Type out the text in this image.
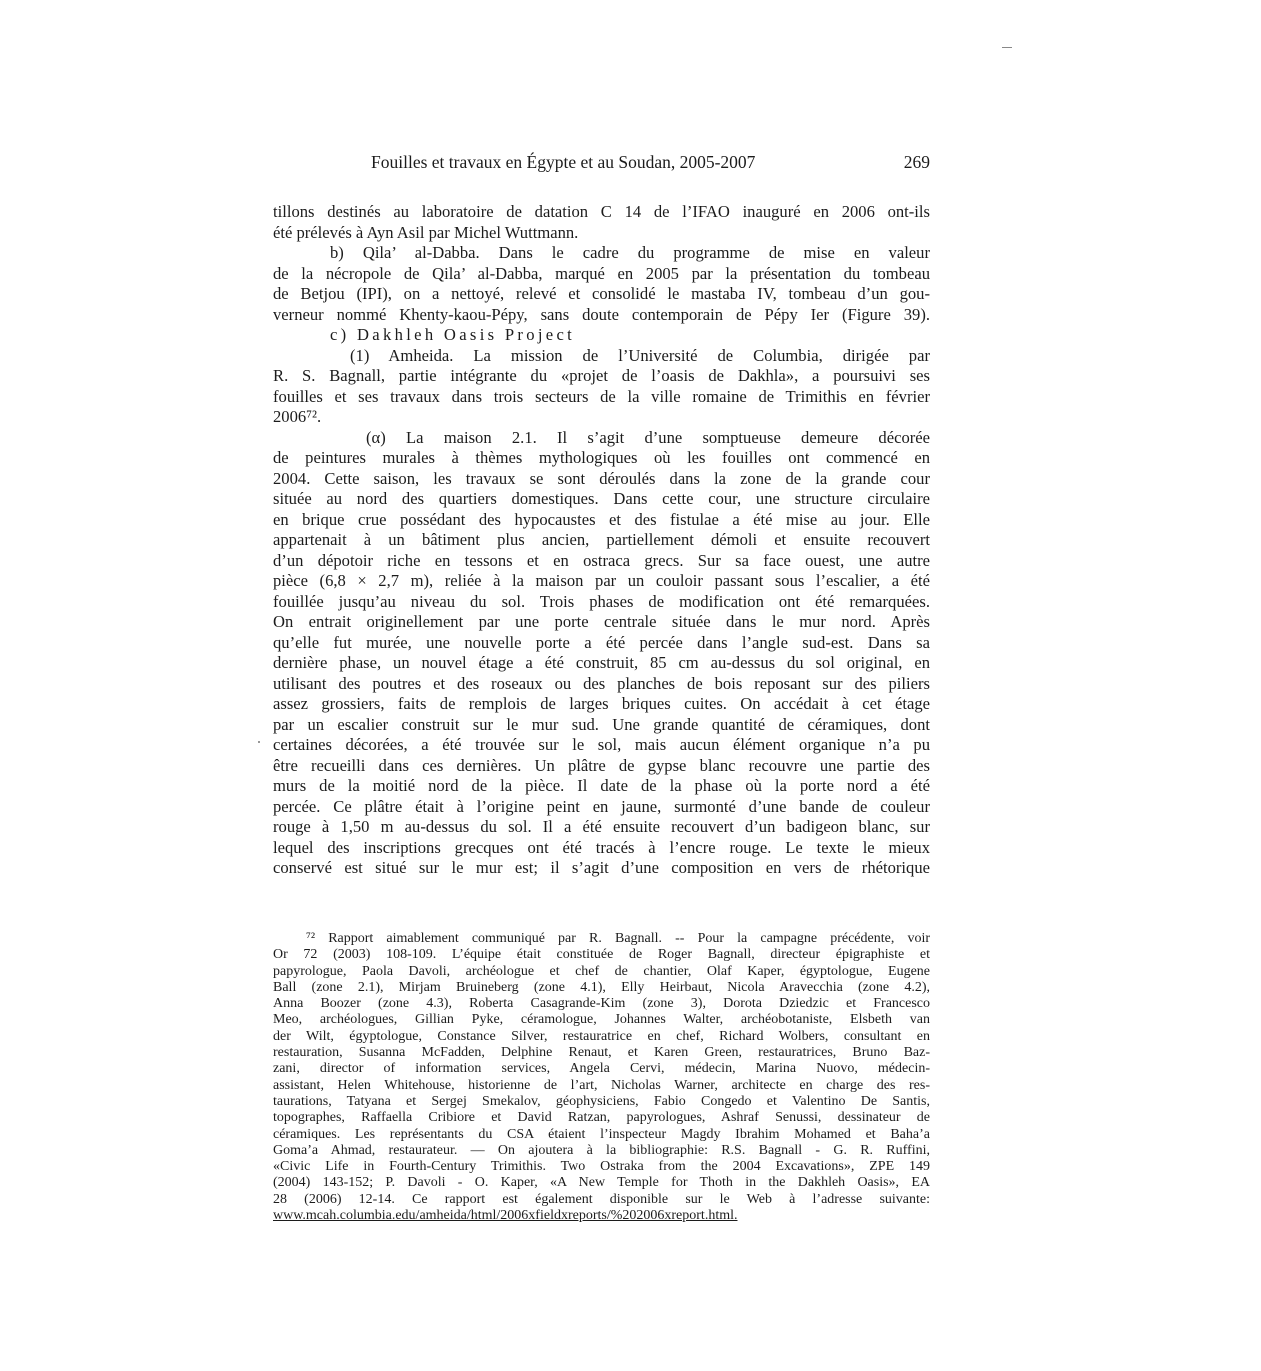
Fouilles et travaux en Égypte et au Soudan, 2005-2007	269
tillons destinés au laboratoire de datation C 14 de l’IFAO inauguré en 2006 ont-ils
été prélevés à Ayn Asil par Michel Wuttmann.
b) Qila’ al-Dabba. Dans le cadre du programme de mise en valeur
de la nécropole de Qila’ al-Dabba, marqué en 2005 par la présentation du tombeau
de Betjou (IPI), on a nettoyé, relevé et consolidé le mastaba IV, tombeau d’un gou-
verneur nommé Khenty-kaou-Pépy, sans doute contemporain de Pépy Ier (Figure 39).
c) Dakhleh Oasis Project
(1) Amheida. La mission de l’Université de Columbia, dirigée par
R. S. Bagnall, partie intégrante du «projet de l’oasis de Dakhla», a poursuivi ses
fouilles et ses travaux dans trois secteurs de la ville romaine de Trimithis en février
2006⁷².
(α) La maison 2.1. Il s’agit d’une somptueuse demeure décorée
de peintures murales à thèmes mythologiques où les fouilles ont commencé en
2004. Cette saison, les travaux se sont déroulés dans la zone de la grande cour
située au nord des quartiers domestiques. Dans cette cour, une structure circulaire
en brique crue possédant des hypocaustes et des fistulae a été mise au jour. Elle
appartenait à un bâtiment plus ancien, partiellement démoli et ensuite recouvert
d’un dépotoir riche en tessons et en ostraca grecs. Sur sa face ouest, une autre
pièce (6,8 × 2,7 m), reliée à la maison par un couloir passant sous l’escalier, a été
fouillée jusqu’au niveau du sol. Trois phases de modification ont été remarquées.
On entrait originellement par une porte centrale située dans le mur nord. Après
qu’elle fut murée, une nouvelle porte a été percée dans l’angle sud-est. Dans sa
dernière phase, un nouvel étage a été construit, 85 cm au-dessus du sol original, en
utilisant des poutres et des roseaux ou des planches de bois reposant sur des piliers
assez grossiers, faits de remplois de larges briques cuites. On accédait à cet étage
par un escalier construit sur le mur sud. Une grande quantité de céramiques, dont
certaines décorées, a été trouvée sur le sol, mais aucun élément organique n’a pu
être recueilli dans ces dernières. Un plâtre de gypse blanc recouvre une partie des
murs de la moitié nord de la pièce. Il date de la phase où la porte nord a été
percée. Ce plâtre était à l’origine peint en jaune, surmonté d’une bande de couleur
rouge à 1,50 m au-dessus du sol. Il a été ensuite recouvert d’un badigeon blanc, sur
lequel des inscriptions grecques ont été tracés à l’encre rouge. Le texte le mieux
conservé est situé sur le mur est; il s’agit d’une composition en vers de rhétorique
⁷² Rapport aimablement communiqué par R. Bagnall. -- Pour la campagne précédente, voir
Or 72 (2003) 108-109. L’équipe était constituée de Roger Bagnall, directeur épigraphiste et
papyrologue, Paola Davoli, archéologue et chef de chantier, Olaf Kaper, égyptologue, Eugene
Ball (zone 2.1), Mirjam Bruineberg (zone 4.1), Elly Heirbaut, Nicola Aravecchia (zone 4.2),
Anna Boozer (zone 4.3), Roberta Casagrande-Kim (zone 3), Dorota Dziedzic et Francesco
Meo, archéologues, Gillian Pyke, céramologue, Johannes Walter, archéobotaniste, Elsbeth van
der Wilt, égyptologue, Constance Silver, restauratrice en chef, Richard Wolbers, consultant en
restauration, Susanna McFadden, Delphine Renaut, et Karen Green, restauratrices, Bruno Baz-
zani, director of information services, Angela Cervi, médecin, Marina Nuovo, médecin-
assistant, Helen Whitehouse, historienne de l’art, Nicholas Warner, architecte en charge des res-
taurations, Tatyana et Sergej Smekalov, géophysiciens, Fabio Congedo et Valentino De Santis,
topographes, Raffaella Cribiore et David Ratzan, papyrologues, Ashraf Senussi, dessinateur de
céramiques. Les représentants du CSA étaient l’inspecteur Magdy Ibrahim Mohamed et Baha’a
Goma’a Ahmad, restaurateur. — On ajoutera à la bibliographie: R.S. Bagnall - G. R. Ruffini,
«Civic Life in Fourth-Century Trimithis. Two Ostraka from the 2004 Excavations», ZPE 149
(2004) 143-152; P. Davoli - O. Kaper, «A New Temple for Thoth in the Dakhleh Oasis», EA
28 (2006) 12-14. Ce rapport est également disponible sur le Web à l’adresse suivante:
www.mcah.columbia.edu/amheida/html/2006xfieldxreports/%202006xreport.html.
